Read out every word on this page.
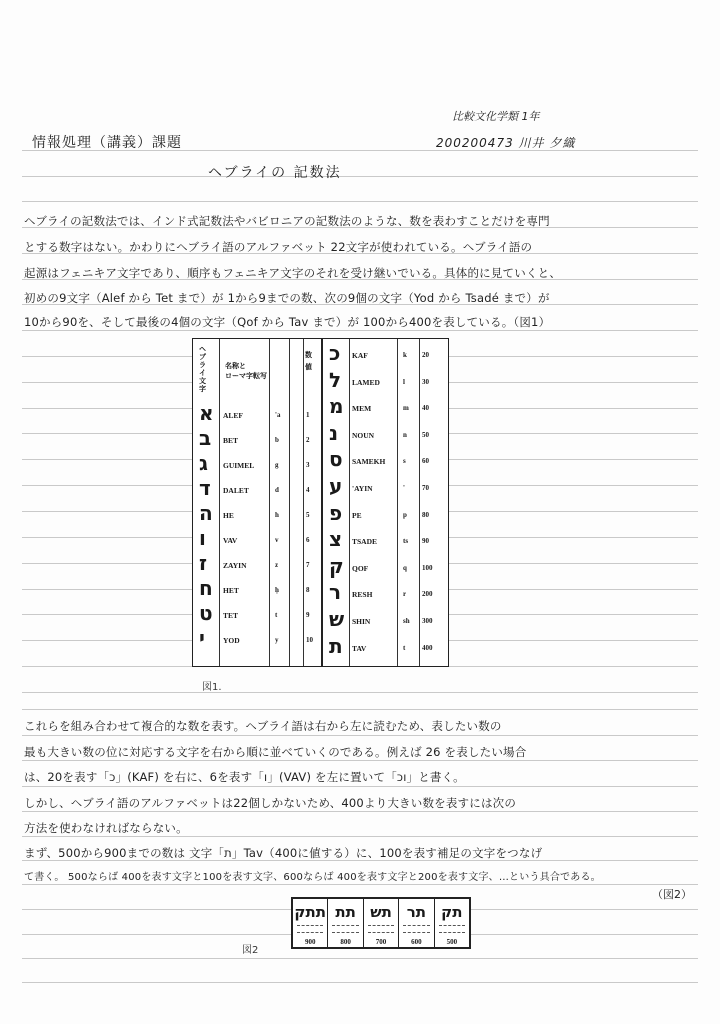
情報処理（講義）課題
比較文化学類 1年
200200473 川井 夕織
ヘブライの 記数法
ヘブライの記数法では、インド式記数法やバビロニアの記数法のような、数を表わすことだけを専門
とする数字はない。かわりにヘブライ語のアルファベット 22文字が使われている。ヘブライ語の
起源はフェニキア文字であり、順序もフェニキア文字のそれを受け継いでいる。具体的に見ていくと、
初めの9文字（Alef から Tet まで）が 1から9までの数、次の9個の文字（Yod から Tsadé まで）が
10から90を、そして最後の4個の文字（Qof から Tav まで）が 100から400を表している。（図1）
ヘブライ文字
名称と
ローマ字転写
数値
א ALEF	'a	1
ב BET	b	2
ג GUIMEL	g	3
ד DALET	d	4
ה HE	h	5
ו VAV	v	6
ז ZAYIN	z	7
ח HET	ḥ	8
ט TET	t	9
י YOD	y	10
כ KAF	k 20
ל LAMED	l 30
מ MEM	m 40
נ NOUN	n 50
ס SAMEKH	s 60
ע 'AYIN	' 70
פ PE	p 80
צ TSADE	ts 90
ק QOF	q 100
ר RESH	r 200
ש SHIN	sh 300
ת TAV	t 400
図1.
これらを組み合わせて複合的な数を表す。ヘブライ語は右から左に読むため、表したい数の
最も大きい数の位に対応する文字を右から順に並べていくのである。例えば 26 を表したい場合
は、20を表す「כ」(KAF) を右に、6を表す「ו」(VAV) を左に置いて「וכ」と書く。
しかし、ヘブライ語のアルファベットは22個しかないため、400より大きい数を表すには次の
方法を使わなければならない。
まず、500から900までの数は 文字「ת」Tav（400に値する）に、100を表す補足の文字をつなげ
て書く。 500ならば 400を表す文字と100を表す文字、600ならば 400を表す文字と200を表す文字、…という具合である。
（図2）
תתק
900
תת
800
תש
700
תר
600
תק
500
図2
